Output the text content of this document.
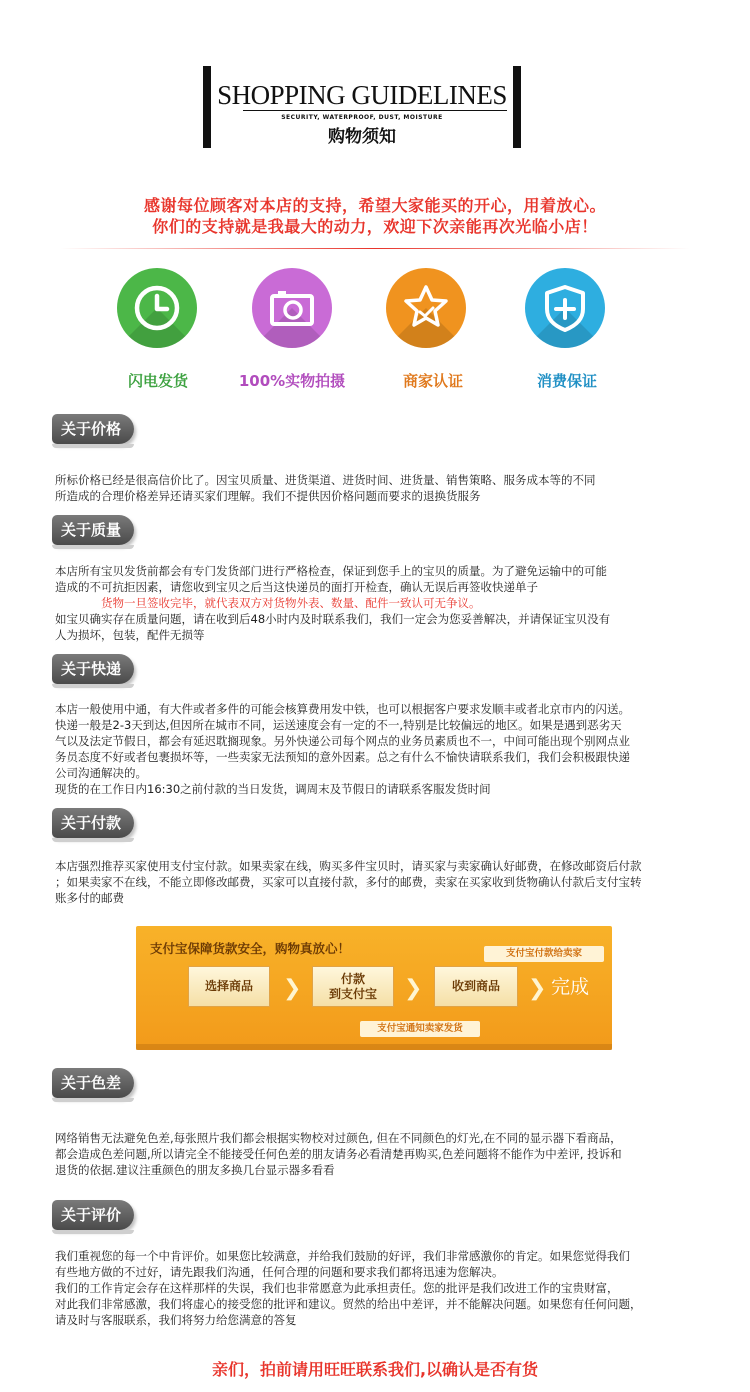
SHOPPING GUIDELINES
SECURITY, WATERPROOF, DUST, MOISTURE
购物须知
感谢每位顾客对本店的支持，希望大家能买的开心，用着放心。
你们的支持就是我最大的动力，欢迎下次亲能再次光临小店！
闪电发货	100%实物拍摄	商家认证	消费保证
关于价格

所标价格已经是很高信价比了。因宝贝质量、进货渠道、进货时间、进货量、销售策略、服务成本等的不同

所造成的合理价格差异还请买家们理解。我们不提供因价格问题而要求的退换货服务

关于质量

本店所有宝贝发货前都会有专门发货部门进行严格检查，保证到您手上的宝贝的质量。为了避免运输中的可能

造成的不可抗拒因素，请您收到宝贝之后当这快递员的面打开检查，确认无误后再签收快递单子

货物一旦签收完毕，就代表双方对货物外表、数量、配件一致认可无争议。

如宝贝确实存在质量问题，请在收到后48小时内及时联系我们，我们一定会为您妥善解决，并请保证宝贝没有

人为损坏，包装，配件无损等

关于快递

本店一般使用中通，有大件或者多件的可能会核算费用发中铁，也可以根据客户要求发顺丰或者北京市内的闪送。

快递一般是2-3天到达,但因所在城市不同，运送速度会有一定的不一,特别是比较偏远的地区。如果是遇到恶劣天

气以及法定节假日，都会有延迟耽搁现象。另外快递公司每个网点的业务员素质也不一，中间可能出现个别网点业

务员态度不好或者包裹损坏等，一些卖家无法预知的意外因素。总之有什么不愉快请联系我们，我们会积极跟快递

公司沟通解决的。

现货的在工作日内16:30之前付款的当日发货，调周末及节假日的请联系客服发货时间

关于付款

本店强烈推荐买家使用支付宝付款。如果卖家在线，购买多件宝贝时，请买家与卖家确认好邮费，在修改邮资后付款

；如果卖家不在线，不能立即修改邮费，买家可以直接付款，多付的邮费，卖家在买家收到货物确认付款后支付宝转

账多付的邮费

支付宝保障货款安全，购物真放心！	支付宝付款给卖家
选择商品	❯	付款
到支付宝 ❯	收到商品	❯ 完成
支付宝通知卖家发货
关于色差

网络销售无法避免色差,每张照片我们都会根据实物校对过颜色, 但在不同颜色的灯光,在不同的显示器下看商品，

都会造成色差问题,所以请完全不能接受任何色差的朋友请务必看清楚再购买,色差问题将不能作为中差评, 投诉和

退货的依据.建议注重颜色的朋友多换几台显示器多看看

关于评价

我们重视您的每一个中肯评价。如果您比较满意，并给我们鼓励的好评，我们非常感激你的肯定。如果您觉得我们

有些地方做的不过好，请先跟我们沟通，任何合理的问题和要求我们都将迅速为您解决。

我们的工作肯定会存在这样那样的失误，我们也非常愿意为此承担责任。您的批评是我们改进工作的宝贵财富，

对此我们非常感激，我们将虚心的接受您的批评和建议。贸然的给出中差评，并不能解决问题。如果您有任何问题，

请及时与客服联系，我们将努力给您满意的答复

亲们，拍前请用旺旺联系我们,以确认是否有货
